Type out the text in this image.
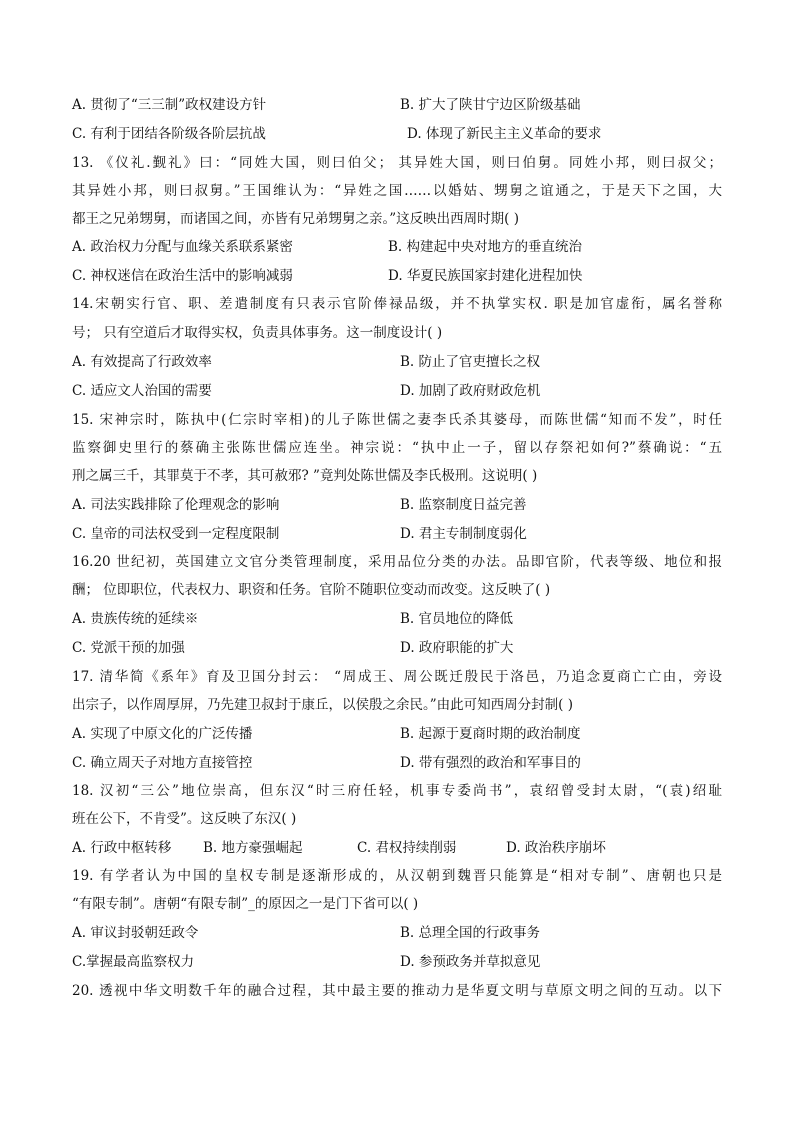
A. 贯彻了“三三制”政权建设方针	B. 扩大了陕甘宁边区阶级基础
C. 有利于团结各阶级各阶层抗战	D. 体现了新民主主义革命的要求
13. 《仪礼.觐礼》曰：“同姓大国，则曰伯父； 其异姓大国，则曰伯舅。同姓小邦，则曰叔父；
其异姓小邦，则曰叔舅。”王国维认为：“异姓之国……以婚姑、甥舅之谊通之，于是天下之国，大
都王之兄弟甥舅，而诸国之间，亦皆有兄弟甥舅之亲。”这反映出西周时期( )
A. 政治权力分配与血缘关系联系紧密	B. 构建起中央对地方的垂直统治
C. 神权迷信在政治生活中的影响减弱	D. 华夏民族国家封建化进程加快
14.宋朝实行官、职、差遣制度有只表示官阶俸禄品级，并不执掌实权. 职是加官虚衔，属名誉称
号； 只有空道后才取得实权，负责具体事务。这一制度设计( )
A. 有效提高了行政效率	B. 防止了官吏擅长之权
C. 适应文人治国的需要	D. 加剧了政府财政危机
15. 宋神宗时，陈执中(仁宗时宰相)的儿子陈世儒之妻李氏杀其婆母，而陈世儒“知而不发”，时任
监察御史里行的蔡确主张陈世儒应连坐。神宗说：“执中止一子，留以存祭祀如何?”蔡确说：“五
刑之属三千，其罪莫于不孝，其可赦邪? ”竟判处陈世儒及李氏极刑。这说明( )
A. 司法实践排除了伦理观念的影响	B. 监察制度日益完善
C. 皇帝的司法权受到一定程度限制	D. 君主专制制度弱化
16.20 世纪初，英国建立文官分类管理制度，采用品位分类的办法。品即官阶，代表等级、地位和报
酬； 位即职位，代表权力、职资和任务。官阶不随职位变动而改变。这反映了( )
A. 贵族传统的延续※	B. 官员地位的降低
C. 党派干预的加强	D. 政府职能的扩大
17. 清华简《系年》育及卫国分封云： “周成王、周公既迁殷民于洛邑，乃追念夏商亡亡由，旁设
出宗子，以作周厚屏，乃先建卫叔封于康丘，以侯殷之余民。”由此可知西周分封制( )
A. 实现了中原文化的广泛传播	B. 起源于夏商时期的政治制度
C. 确立周天子对地方直接管控	D. 带有强烈的政治和军事目的
18. 汉初“三公”地位崇高，但东汉“时三府任轻，机事专委尚书”，袁绍曾受封太尉，“(袁)绍耻
班在公下，不肯受”。这反映了东汉( )
A. 行政中枢转移 B. 地方豪强崛起	C. 君权持续削弱	D. 政治秩序崩坏
19. 有学者认为中国的皇权专制是逐渐形成的，从汉朝到魏晋只能算是“相对专制”、唐朝也只是
“有限专制”。唐朝“有限专制”_的原因之一是门下省可以( )
A. 审议封驳朝廷政令	B. 总理全国的行政事务
C.掌握最高监察权力	D. 参预政务并草拟意见
20. 透视中华文明数千年的融合过程，其中最主要的推动力是华夏文明与草原文明之间的互动。以下
